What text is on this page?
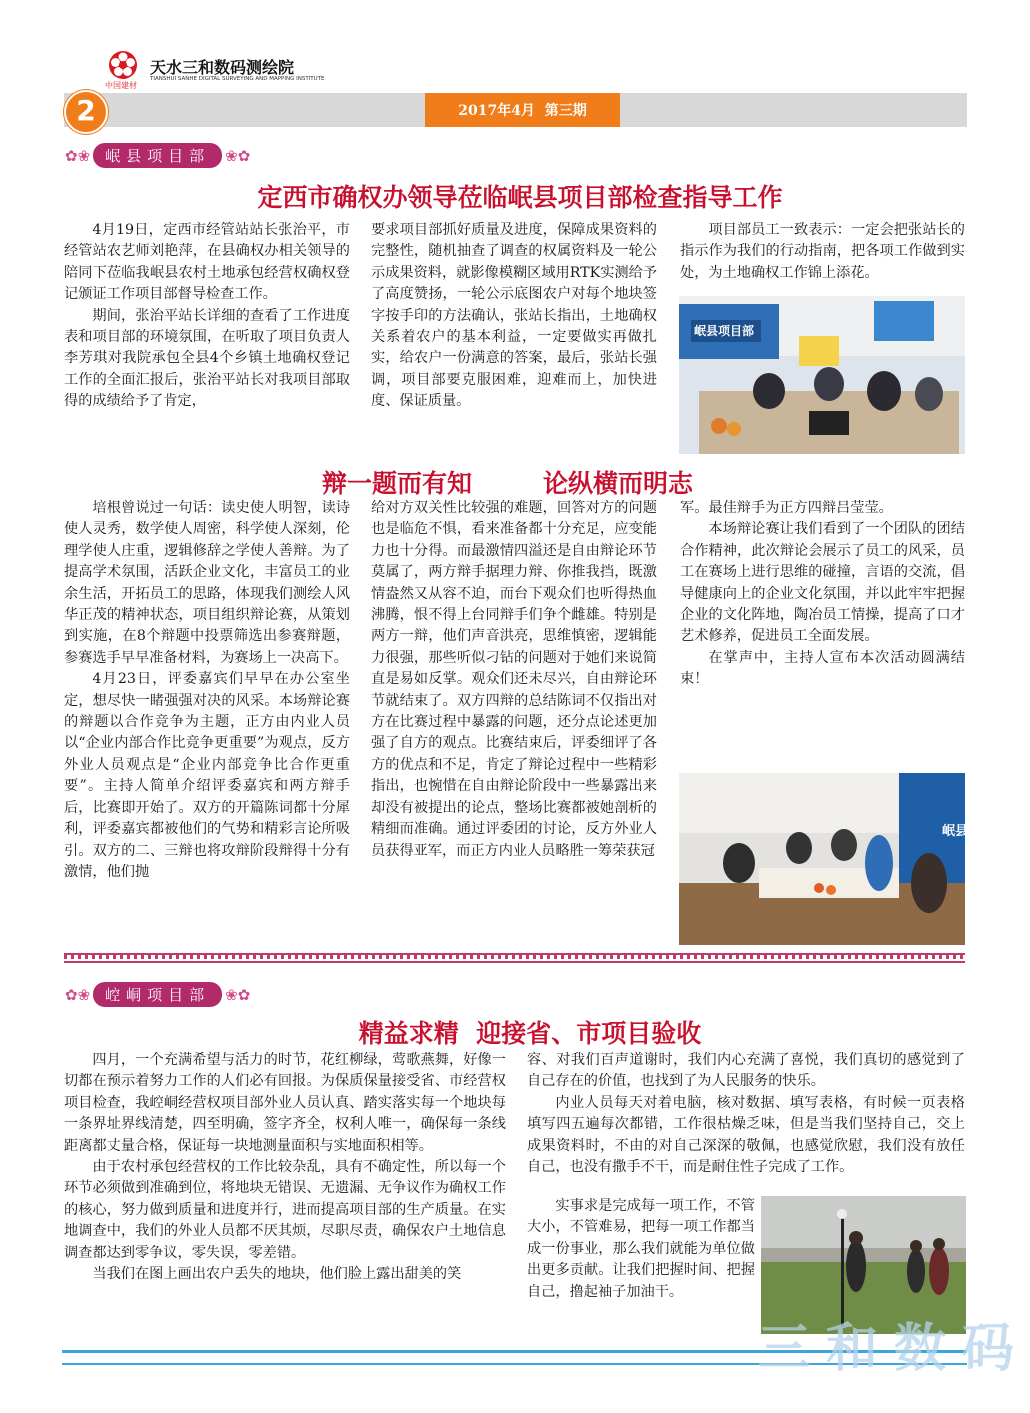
中国建材
天水三和数码测绘院
TIANSHUI SANHE DIGITAL SURVEYING AND MAPPING INSTITUTE
2017年4月  第三期
2
✿❀	岷县项目部	❀✿
定西市确权办领导莅临岷县项目部检查指导工作

4月19日，定西市经管站站长张治平，市经管站农艺师刘艳萍，在县确权办相关领导的陪同下莅临我岷县农村土地承包经营权确权登记颁证工作项目部督导检查工作。

期间，张治平站长详细的查看了工作进度表和项目部的环境氛围，在听取了项目负责人李芳琪对我院承包全县4个乡镇土地确权登记工作的全面汇报后，张治平站长对我项目部取得的成绩给予了肯定，

要求项目部抓好质量及进度，保障成果资料的完整性，随机抽查了调查的权属资料及一轮公示成果资料，就影像模糊区域用RTK实测给予了高度赞扬，一轮公示底图农户对每个地块签字按手印的方法确认，张站长指出，土地确权关系着农户的基本利益，一定要做实再做扎实，给农户一份满意的答案，最后，张站长强调，项目部要克服困难，迎难而上，加快进度、保证质量。

项目部员工一致表示：一定会把张站长的指示作为我们的行动指南，把各项工作做到实处，为土地确权工作锦上添花。

岷县项目部
辩一题而有知	论纵横而明志

培根曾说过一句话：读史使人明智，读诗使人灵秀，数学使人周密，科学使人深刻，伦理学使人庄重，逻辑修辞之学使人善辩。为了提高学术氛围，活跃企业文化，丰富员工的业余生活，开拓员工的思路，体现我们测绘人风华正茂的精神状态，项目组织辩论赛，从策划到实施，在8个辩题中投票筛选出参赛辩题，参赛选手早早准备材料，为赛场上一决高下。

4月23日，评委嘉宾们早早在办公室坐定，想尽快一睹强强对决的风采。本场辩论赛的辩题以合作竞争为主题，正方由内业人员以“企业内部合作比竞争更重要”为观点，反方外业人员观点是“企业内部竞争比合作更重要”。主持人简单介绍评委嘉宾和两方辩手后，比赛即开始了。双方的开篇陈词都十分犀利，评委嘉宾都被他们的气势和精彩言论所吸引。双方的二、三辩也将攻辩阶段辩得十分有激情，他们抛

给对方双关性比较强的难题，回答对方的问题也是临危不惧，看来准备都十分充足，应变能力也十分得。而最激情四溢还是自由辩论环节莫属了，两方辩手据理力辩、你推我挡，既激情盎然又从容不迫，而台下观众们也听得热血沸腾，恨不得上台同辩手们争个雌雄。特别是两方一辩，他们声音洪亮，思维慎密，逻辑能力很强，那些听似刁钻的问题对于她们来说简直是易如反掌。观众们还未尽兴，自由辩论环节就结束了。双方四辩的总结陈词不仅指出对方在比赛过程中暴露的问题，还分点论述更加强了自方的观点。比赛结束后，评委细评了各方的优点和不足，肯定了辩论过程中一些精彩指出，也惋惜在自由辩论阶段中一些暴露出来却没有被提出的论点，整场比赛都被她剖析的精细而准确。通过评委团的讨论，反方外业人员获得亚军，而正方内业人员略胜一筹荣获冠

军。最佳辩手为正方四辩吕莹莹。

本场辩论赛让我们看到了一个团队的团结合作精神，此次辩论会展示了员工的风采，员工在赛场上进行思维的碰撞，言语的交流，倡导健康向上的企业文化氛围，并以此牢牢把握企业的文化阵地，陶冶员工情操，提高了口才艺术修养，促进员工全面发展。

在掌声中，主持人宣布本次活动圆满结束！

岷县
✿❀	崆峒项目部	❀✿
精益求精  迎接省、市项目验收

四月，一个充满希望与活力的时节，花红柳绿，莺歌燕舞，好像一切都在预示着努力工作的人们必有回报。为保质保量接受省、市经营权项目检查，我崆峒经营权项目部外业人员认真、踏实落实每一个地块每一条界址界线清楚，四至明确，签字齐全，权利人唯一，确保每一条线距离都丈量合格，保证每一块地测量面积与实地面积相等。

由于农村承包经营权的工作比较杂乱，具有不确定性，所以每一个环节必须做到准确到位，将地块无错误、无遗漏、无争议作为确权工作的核心，努力做到质量和进度并行，进而提高项目部的生产质量。在实地调查中，我们的外业人员都不厌其烦，尽职尽责，确保农户土地信息调查都达到零争议，零失误，零差错。

当我们在图上画出农户丢失的地块，他们脸上露出甜美的笑

容、对我们百声道谢时，我们内心充满了喜悦，我们真切的感觉到了自己存在的价值，也找到了为人民服务的快乐。

内业人员每天对着电脑，核对数据、填写表格，有时候一页表格填写四五遍每次都错，工作很枯燥乏味，但是当我们坚持自己，交上成果资料时，不由的对自己深深的敬佩，也感觉欣慰，我们没有放任自己，也没有撒手不干，而是耐住性子完成了工作。

实事求是完成每一项工作，不管大小，不管难易，把每一项工作都当成一份事业，那么我们就能为单位做出更多贡献。让我们把握时间、把握自己，撸起袖子加油干。

三和数码
